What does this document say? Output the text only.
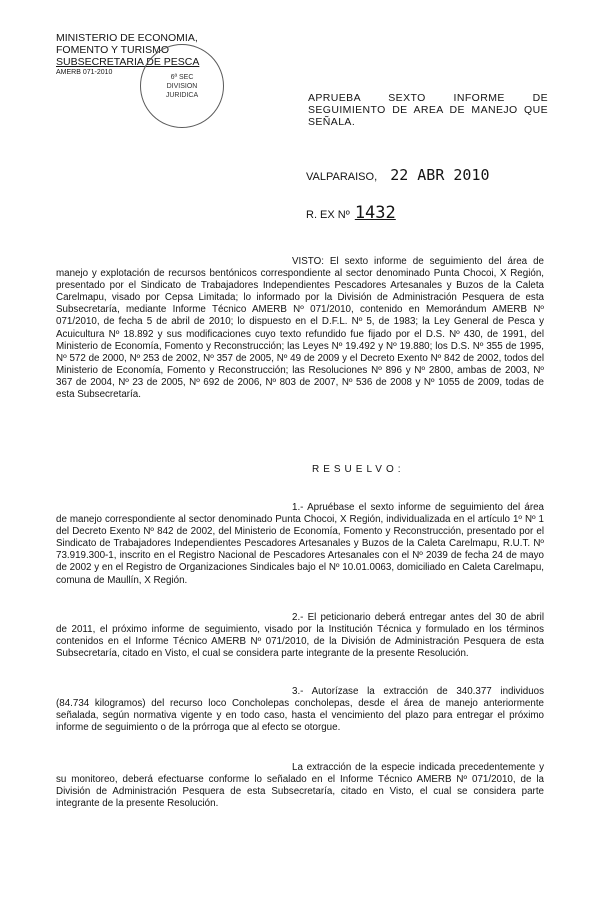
MINISTERIO DE ECONOMIA,
FOMENTO Y TURISMO
SUBSECRETARIA DE PESCA
AMERB 071-2010
6ª SEC
DIVISION
JURIDICA	APRUEBA SEXTO INFORME DE SEGUIMIENTO DE AREA DE MANEJO QUE SEÑALA.
VALPARAISO, 22 ABR 2010
R. EX Nº 1432

VISTO: El sexto informe de seguimiento del área de manejo y explotación de recursos bentónicos correspondiente al sector denominado Punta Chocoi, X Región, presentado por el Sindicato de Trabajadores Independientes Pescadores Artesanales y Buzos de la Caleta Carelmapu, visado por Cepsa Limitada; lo informado por la División de Administración Pesquera de esta Subsecretaría, mediante Informe Técnico AMERB Nº 071/2010, contenido en Memorándum AMERB Nº 071/2010, de fecha 5 de abril de 2010; lo dispuesto en el D.F.L. Nº 5, de 1983; la Ley General de Pesca y Acuicultura Nº 18.892 y sus modificaciones cuyo texto refundido fue fijado por el D.S. Nº 430, de 1991, del Ministerio de Economía, Fomento y Reconstrucción; las Leyes Nº 19.492 y Nº 19.880; los D.S. Nº 355 de 1995, Nº 572 de 2000, Nº 253 de 2002, Nº 357 de 2005, Nº 49 de 2009 y el Decreto Exento Nº 842 de 2002, todos del Ministerio de Economía, Fomento y Reconstrucción; las Resoluciones Nº 896 y Nº 2800, ambas de 2003, Nº 367 de 2004, Nº 23 de 2005, Nº 692 de 2006, Nº 803 de 2007, Nº 536 de 2008 y Nº 1055 de 2009, todas de esta Subsecretaría.

RESUELVO:

1.- Apruébase el sexto informe de seguimiento del área de manejo correspondiente al sector denominado Punta Chocoi, X Región, individualizada en el artículo 1º Nº 1 del Decreto Exento Nº 842 de 2002, del Ministerio de Economía, Fomento y Reconstrucción, presentado por el Sindicato de Trabajadores Independientes Pescadores Artesanales y Buzos de la Caleta Carelmapu, R.U.T. Nº 73.919.300-1, inscrito en el Registro Nacional de Pescadores Artesanales con el Nº 2039 de fecha 24 de mayo de 2002 y en el Registro de Organizaciones Sindicales bajo el Nº 10.01.0063, domiciliado en Caleta Carelmapu, comuna de Maullín, X Región.

2.- El peticionario deberá entregar antes del 30 de abril de 2011, el próximo informe de seguimiento, visado por la Institución Técnica y formulado en los términos contenidos en el Informe Técnico AMERB Nº 071/2010, de la División de Administración Pesquera de esta Subsecretaría, citado en Visto, el cual se considera parte integrante de la presente Resolución.

3.- Autorízase la extracción de 340.377 individuos (84.734 kilogramos) del recurso loco Concholepas concholepas, desde el área de manejo anteriormente señalada, según normativa vigente y en todo caso, hasta el vencimiento del plazo para entregar el próximo informe de seguimiento o de la prórroga que al efecto se otorgue.

La extracción de la especie indicada precedentemente y su monitoreo, deberá efectuarse conforme lo señalado en el Informe Técnico AMERB Nº 071/2010, de la División de Administración Pesquera de esta Subsecretaría, citado en Visto, el cual se considera parte integrante de la presente Resolución.
